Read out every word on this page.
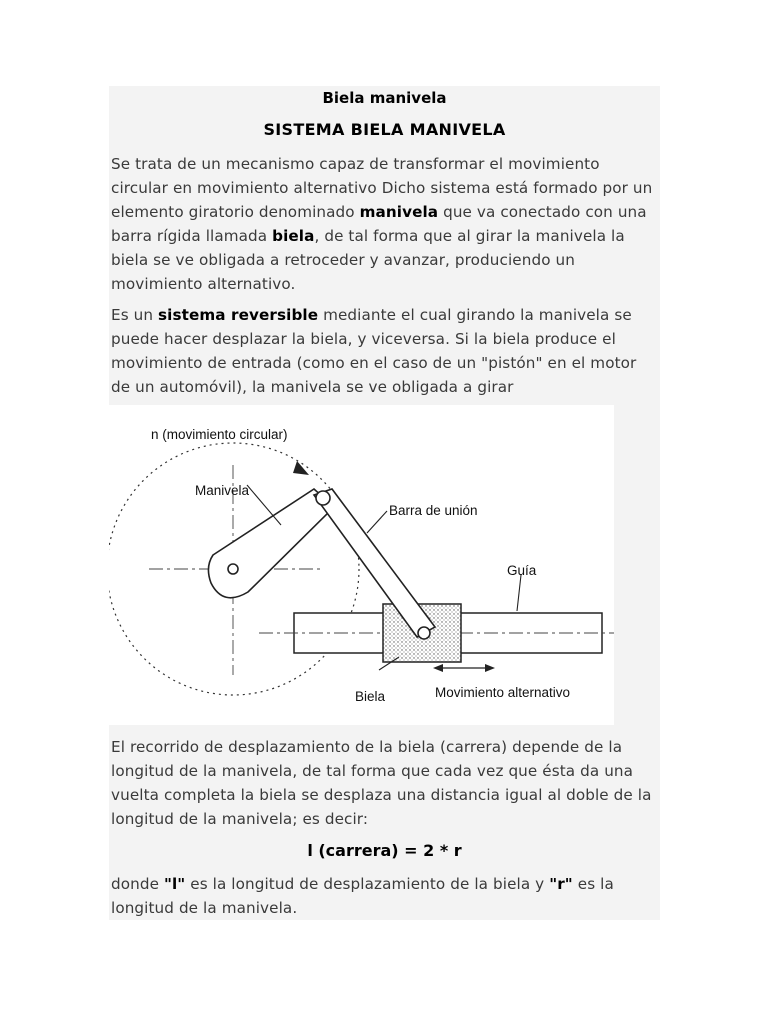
Biela manivela
SISTEMA BIELA MANIVELA

Se trata de un mecanismo capaz de transformar el movimiento circular en movimiento alternativo Dicho sistema está formado por un elemento giratorio denominado manivela que va conectado con una barra rígida llamada biela, de tal forma que al girar la manivela la biela se ve obligada a retroceder y avanzar, produciendo un movimiento alternativo.

Es un sistema reversible mediante el cual girando la manivela se puede hacer desplazar la biela, y viceversa. Si la biela produce el movimiento de entrada (como en el caso de un "pistón" en el motor de un automóvil), la manivela se ve obligada a girar

n (movimiento circular)
Manivela
Barra de unión
Guía
Biela	Movimiento alternativo

El recorrido de desplazamiento de la biela (carrera) depende de la longitud de la manivela, de tal forma que cada vez que ésta da una vuelta completa la biela se desplaza una distancia igual al doble de la longitud de la manivela; es decir:

l (carrera) = 2 * r

donde "l" es la longitud de desplazamiento de la biela y "r" es la longitud de la manivela.
